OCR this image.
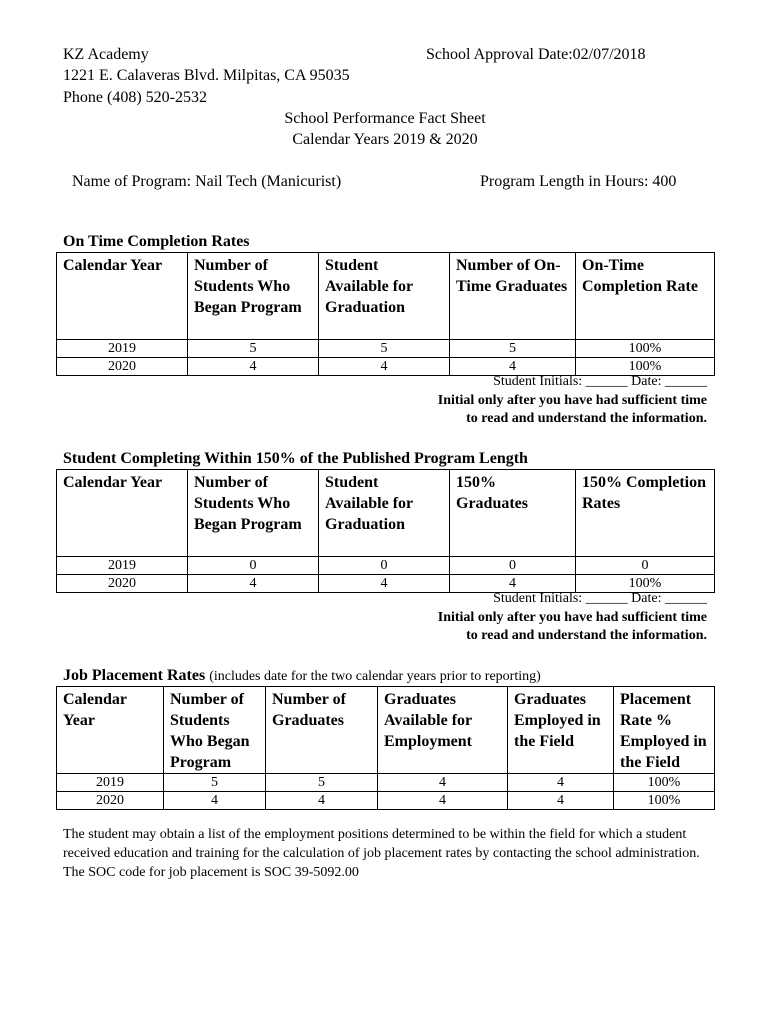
KZ Academy	School Approval Date:02/07/2018
1221 E. Calaveras Blvd. Milpitas, CA 95035
Phone (408) 520-2532
School Performance Fact Sheet
Calendar Years 2019 & 2020
Name of Program: Nail Tech (Manicurist)	Program Length in Hours: 400
On Time Completion Rates
Calendar Year	Number of Students Who Began Program	Student Available for Graduation	Number of On-Time Graduates	On-Time Completion Rate
2019	5	5	5	100%
2020	4	4	4	100%
Student Initials: ______ Date: ______
Initial only after you have had sufficient time
to read and understand the information.
Student Completing Within 150% of the Published Program Length
Calendar Year	Number of Students Who Began Program	Student Available for Graduation	150% Graduates	150% Completion Rates
2019	0	0	0	0
2020	4	4	4	100%
Student Initials: ______ Date: ______
Initial only after you have had sufficient time
to read and understand the information.
Job Placement Rates (includes date for the two calendar years prior to reporting)
Calendar Year	Number of Students Who Began Program	Number of Graduates	Graduates Available for Employment	Graduates Employed in the Field	Placement Rate % Employed in the Field
2019	5	5	4	4	100%
2020	4	4	4	4	100%
The student may obtain a list of the employment positions determined to be within the field for which a student received education and training for the calculation of job placement rates by contacting the school administration. The SOC code for job placement is SOC 39-5092.00
